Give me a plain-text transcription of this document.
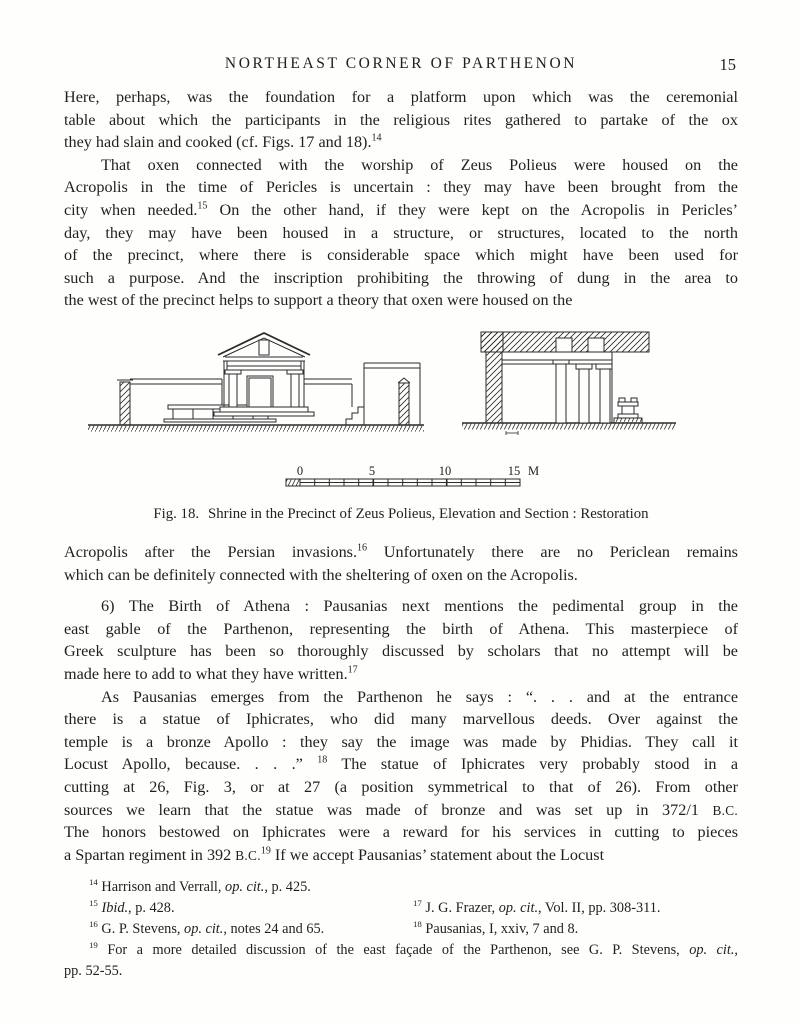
NORTHEAST CORNER OF PARTHENON	15
Here, perhaps, was the foundation for a platform upon which was the ceremonial
table about which the participants in the religious rites gathered to partake of the ox
they had slain and cooked (cf. Figs. 17 and 18).$^{14}$
That oxen connected with the worship of Zeus Polieus were housed on the
Acropolis in the time of Pericles is uncertain : they may have been brought from the
city when needed.$^{15}$ On the other hand, if they were kept on the Acropolis in Pericles’
day, they may have been housed in a structure, or structures, located to the north
of the precinct, where there is considerable space which might have been used for
such a purpose. And the inscription prohibiting the throwing of dung in the area to
the west of the precinct helps to support a theory that oxen were housed on the
0	5	10	15 M
Fig. 18. Shrine in the Precinct of Zeus Polieus, Elevation and Section : Restoration
Acropolis after the Persian invasions.$^{16}$ Unfortunately there are no Periclean remains
which can be definitely connected with the sheltering of oxen on the Acropolis.
6) The Birth of Athena : Pausanias next mentions the pedimental group in the
east gable of the Parthenon, representing the birth of Athena. This masterpiece of
Greek sculpture has been so thoroughly discussed by scholars that no attempt will be
made here to add to what they have written.$^{17}$
As Pausanias emerges from the Parthenon he says : “. . . and at the entrance
there is a statue of Iphicrates, who did many marvellous deeds. Over against the
temple is a bronze Apollo : they say the image was made by Phidias. They call it
Locust Apollo, because. . . .” $^{18}$ The statue of Iphicrates very probably stood in a
cutting at 26, Fig. 3, or at 27 (a position symmetrical to that of 26). From other
sources we learn that the statue was made of bronze and was set up in 372/1 B.C.
The honors bestowed on Iphicrates were a reward for his services in cutting to pieces
a Spartan regiment in 392 B.C.$^{19}$ If we accept Pausanias’ statement about the Locust
$^{14}$ Harrison and Verrall, op. cit., p. 425.
$^{15}$ Ibid., p. 428.	$^{17}$ J. G. Frazer, op. cit., Vol. II, pp. 308-311.
$^{16}$ G. P. Stevens, op. cit., notes 24 and 65.	$^{18}$ Pausanias, I, xxiv, 7 and 8.
$^{19}$ For a more detailed discussion of the east façade of the Parthenon, see G. P. Stevens, op. cit.,
pp. 52-55.
